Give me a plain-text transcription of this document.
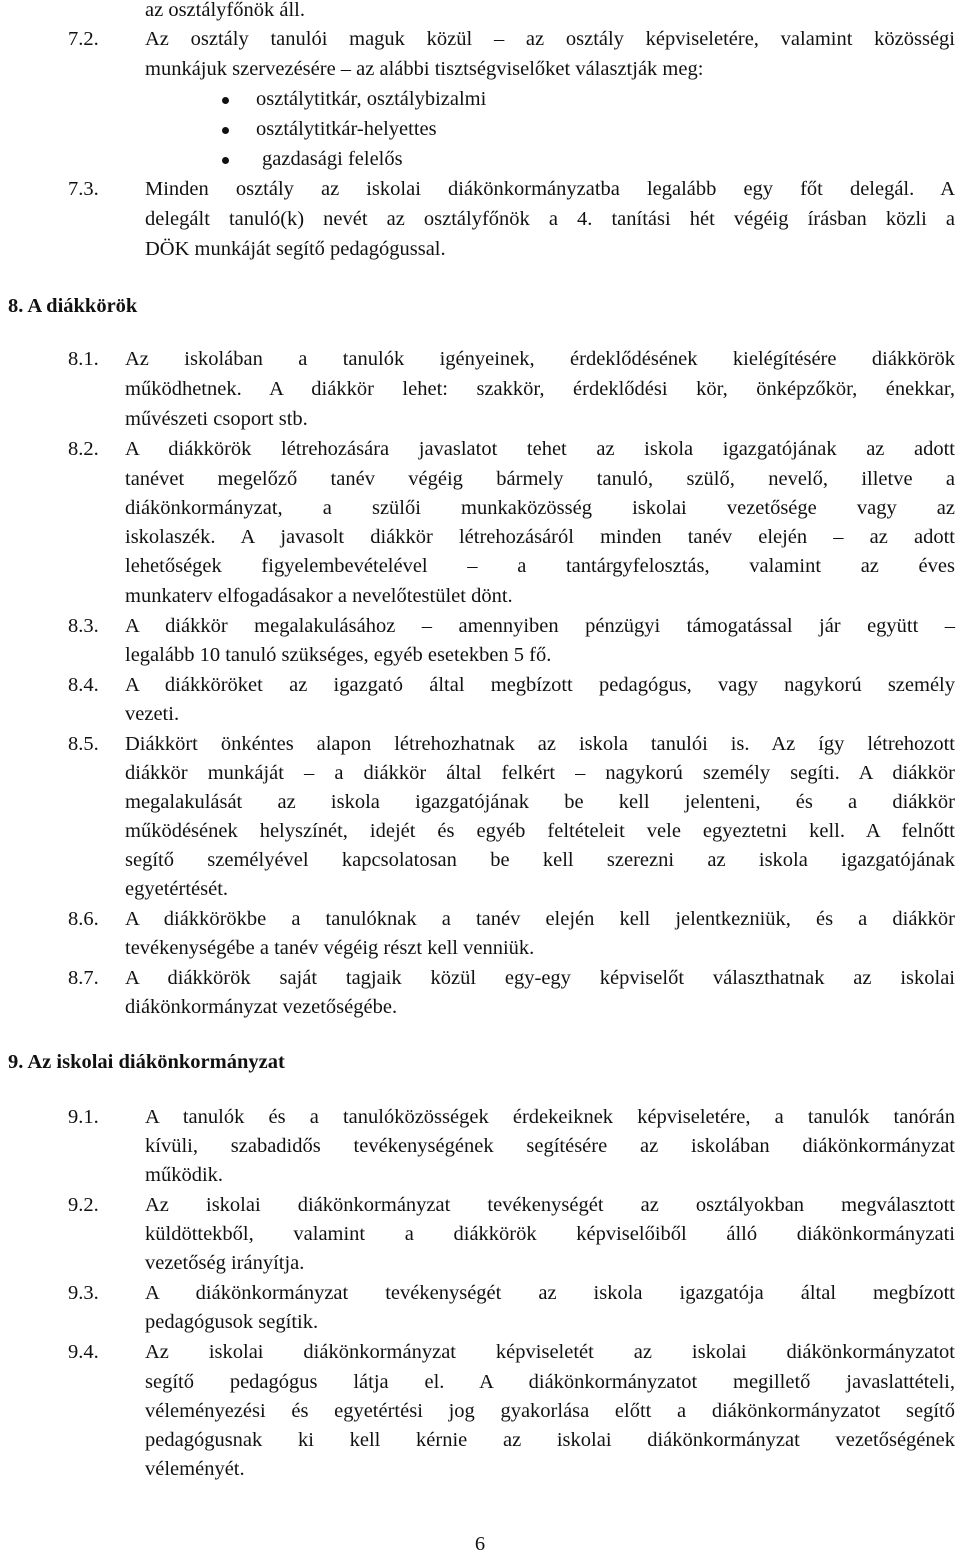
az osztályfőnök áll.
7.2. Az osztály tanulói maguk közül – az osztály képviseletére, valamint közösségi
munkájuk szervezésére – az alábbi tisztségviselőket választják meg:
osztálytitkár, osztálybizalmi
osztálytitkár-helyettes
gazdasági felelős
7.3. Minden osztály az iskolai diákönkormányzatba legalább egy főt delegál. A
delegált tanuló(k) nevét az osztályfőnök a 4. tanítási hét végéig írásban közli a
DÖK munkáját segítő pedagógussal.
8. A diákkörök
8.1. Az iskolában a tanulók igényeinek, érdeklődésének kielégítésére diákkörök
működhetnek. A diákkör lehet: szakkör, érdeklődési kör, önképzőkör, énekkar,
művészeti csoport stb.
8.2. A diákkörök létrehozására javaslatot tehet az iskola igazgatójának az adott
tanévet megelőző tanév végéig bármely tanuló, szülő, nevelő, illetve a
diákönkormányzat, a szülői munkaközösség iskolai vezetősége vagy az
iskolaszék. A javasolt diákkör létrehozásáról minden tanév elején – az adott
lehetőségek figyelembevételével – a tantárgyfelosztás, valamint az éves
munkaterv elfogadásakor a nevelőtestület dönt.
8.3. A diákkör megalakulásához – amennyiben pénzügyi támogatással jár együtt –
legalább 10 tanuló szükséges, egyéb esetekben 5 fő.
8.4. A diákköröket az igazgató által megbízott pedagógus, vagy nagykorú személy
vezeti.
8.5. Diákkört önkéntes alapon létrehozhatnak az iskola tanulói is. Az így létrehozott
diákkör munkáját – a diákkör által felkért – nagykorú személy segíti. A diákkör
megalakulását az iskola igazgatójának be kell jelenteni, és a diákkör
működésének helyszínét, idejét és egyéb feltételeit vele egyeztetni kell. A felnőtt
segítő személyével kapcsolatosan be kell szerezni az iskola igazgatójának
egyetértését.
8.6. A diákkörökbe a tanulóknak a tanév elején kell jelentkezniük, és a diákkör
tevékenységébe a tanév végéig részt kell venniük.
8.7. A diákkörök saját tagjaik közül egy-egy képviselőt választhatnak az iskolai
diákönkormányzat vezetőségébe.
9. Az iskolai diákönkormányzat
9.1. A tanulók és a tanulóközösségek érdekeiknek képviseletére, a tanulók tanórán
kívüli, szabadidős tevékenységének segítésére az iskolában diákönkormányzat
működik.
9.2. Az iskolai diákönkormányzat tevékenységét az osztályokban megválasztott
küldöttekből, valamint a diákkörök képviselőiből álló diákönkormányzati
vezetőség irányítja.
9.3. A diákönkormányzat tevékenységét az iskola igazgatója által megbízott
pedagógusok segítik.
9.4. Az iskolai diákönkormányzat képviseletét az iskolai diákönkormányzatot
segítő pedagógus látja el. A diákönkormányzatot megillető javaslattételi,
véleményezési és egyetértési jog gyakorlása előtt a diákönkormányzatot segítő
pedagógusnak ki kell kérnie az iskolai diákönkormányzat vezetőségének
véleményét.
6
